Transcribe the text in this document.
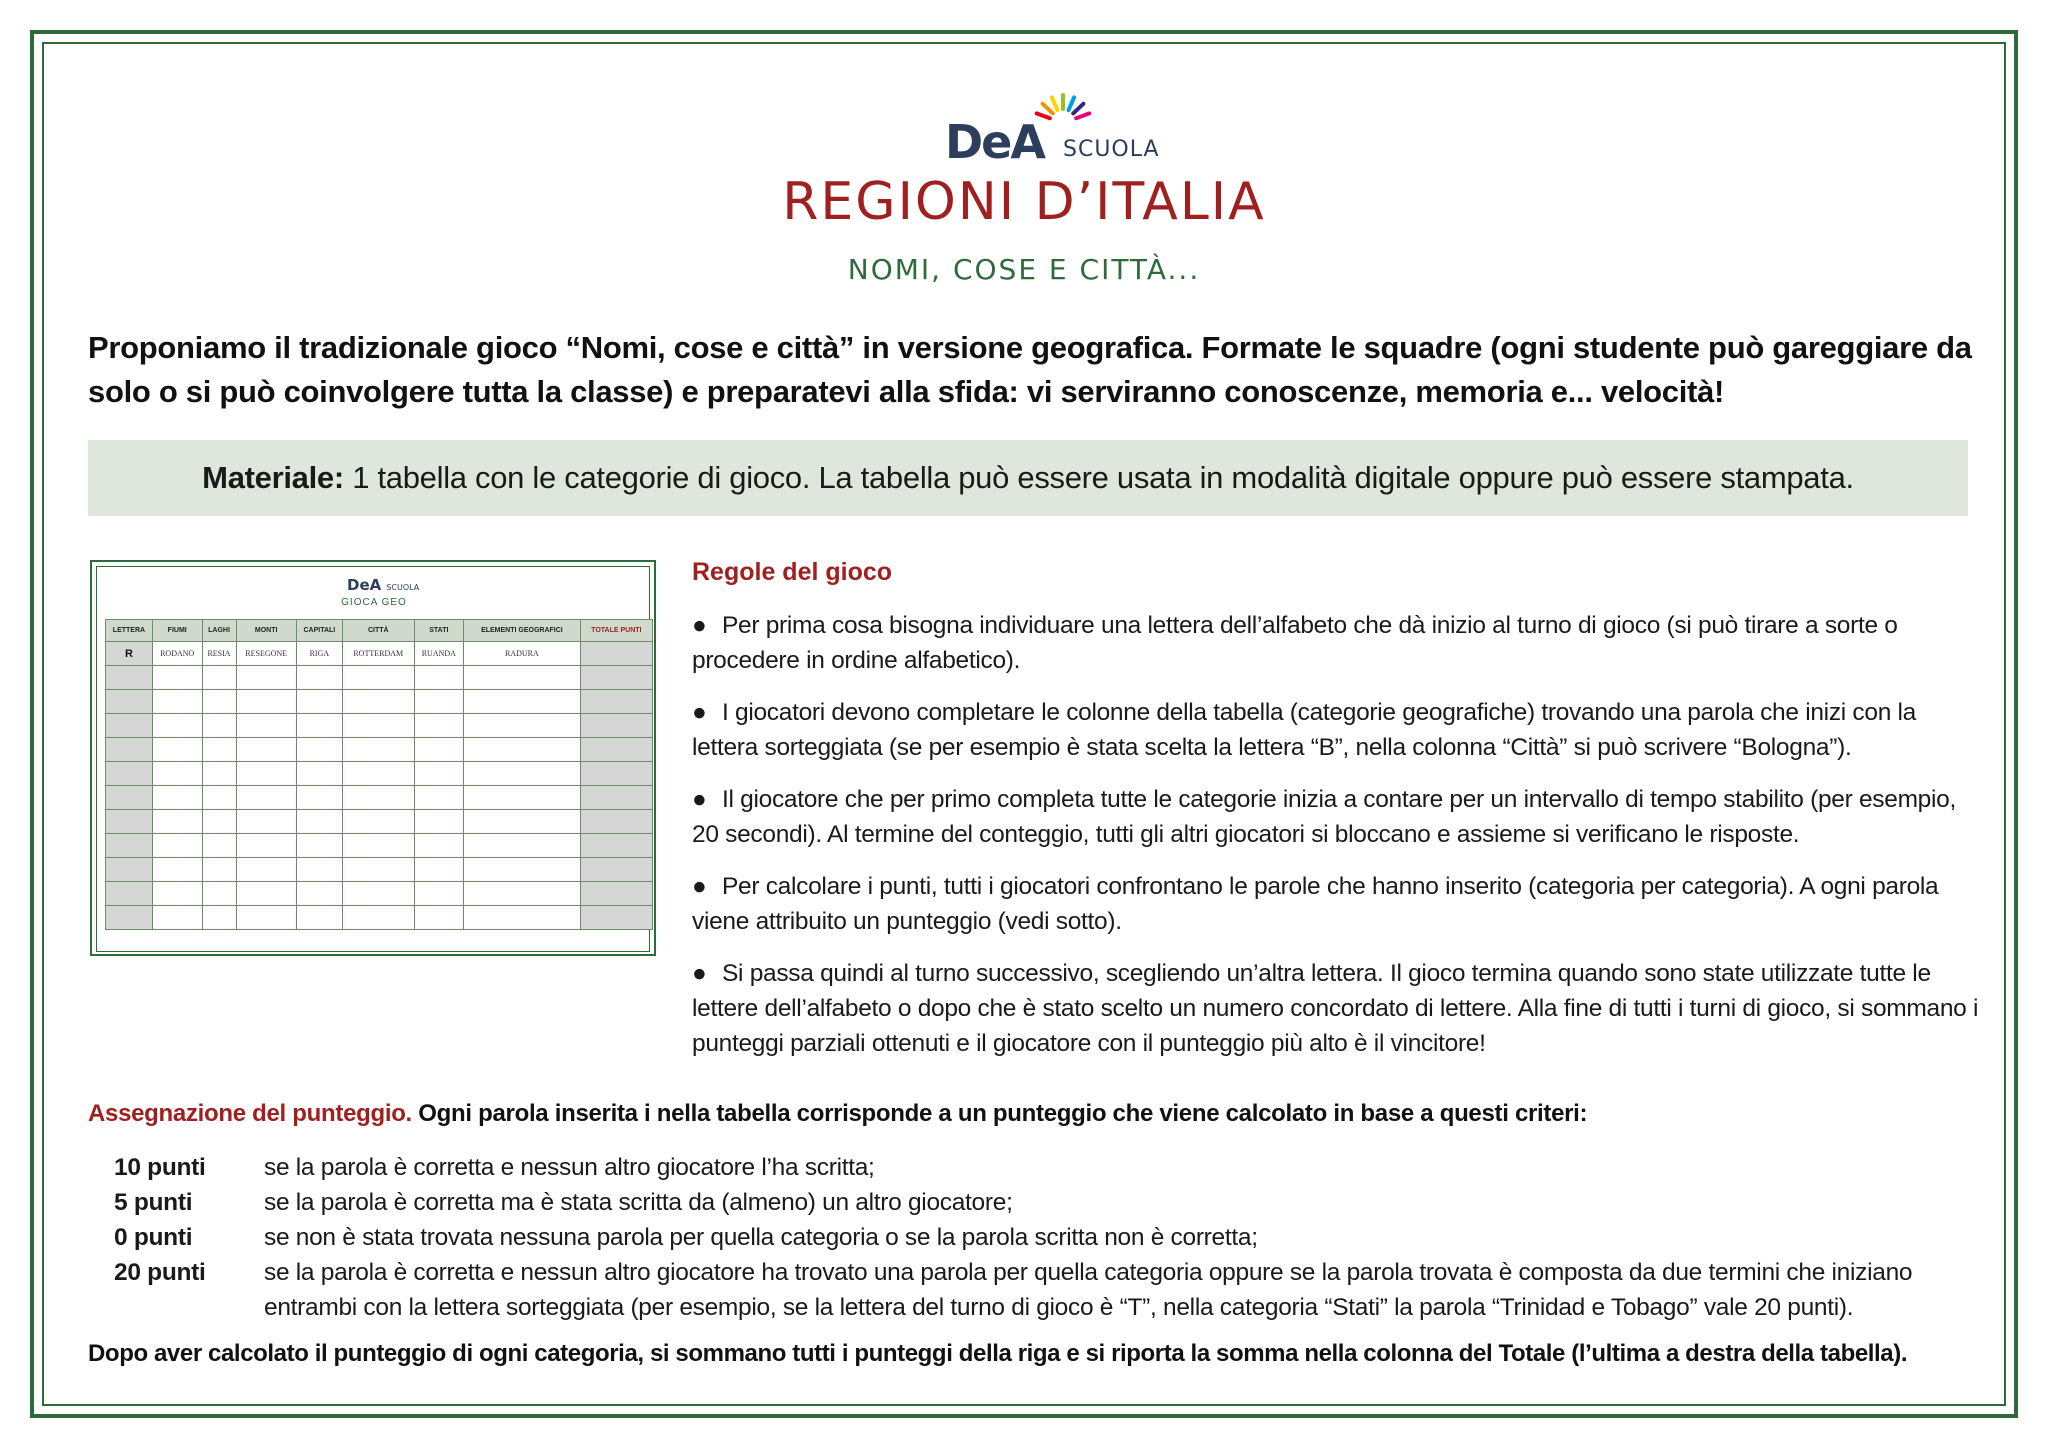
DeA SCUOLA
REGIONI D’ITALIA
NOMI, COSE E CITTÀ...

Proponiamo il tradizionale gioco “Nomi, cose e città” in versione geografica. Formate le squadre (ogni studente può gareggiare da solo o si può coinvolgere tutta la classe) e preparatevi alla sfida: vi serviranno conoscenze, memoria e... velocità!

Materiale: 1 tabella con le categorie di gioco. La tabella può essere usata in modalità digitale oppure può essere stampata.
DeA SCUOLA
GIOCA GEO
LETTERA	FIUMI	LAGHI	MONTI	CAPITALI	CITTÀ	STATI	ELEMENTI GEOGRAFICI	TOTALE PUNTI
R	RODANO	RESIA	RESEGONE	RIGA	ROTTERDAM	RUANDA	RADURA	

Regole del gioco

● Per prima cosa bisogna individuare una lettera dell’alfabeto che dà inizio al turno di gioco (si può tirare a sorte o procedere in ordine alfabetico).

● I giocatori devono completare le colonne della tabella (categorie geografiche) trovando una parola che inizi con la lettera sorteggiata (se per esempio è stata scelta la lettera “B”, nella colonna “Città” si può scrivere “Bologna”).

● Il giocatore che per primo completa tutte le categorie inizia a contare per un intervallo di tempo stabilito (per esempio, 20 secondi). Al termine del conteggio, tutti gli altri giocatori si bloccano e assieme si verificano le risposte.

● Per calcolare i punti, tutti i giocatori confrontano le parole che hanno inserito (categoria per categoria). A ogni parola viene attribuito un punteggio (vedi sotto).

● Si passa quindi al turno successivo, scegliendo un’altra lettera. Il gioco termina quando sono state utilizzate tutte le lettere dell’alfabeto o dopo che è stato scelto un numero concordato di lettere. Alla fine di tutti i turni di gioco, si sommano i punteggi parziali ottenuti e il giocatore con il punteggio più alto è il vincitore!

Assegnazione del punteggio. Ogni parola inserita i nella tabella corrisponde a un punteggio che viene calcolato in base a questi criteri:
10 punti	se la parola è corretta e nessun altro giocatore l’ha scritta;
5 punti	se la parola è corretta ma è stata scritta da (almeno) un altro giocatore;
0 punti	se non è stata trovata nessuna parola per quella categoria o se la parola scritta non è corretta;
20 punti	se la parola è corretta e nessun altro giocatore ha trovato una parola per quella categoria oppure se la parola trovata è composta da due termini che iniziano entrambi con la lettera sorteggiata (per esempio, se la lettera del turno di gioco è “T”, nella categoria “Stati” la parola “Trinidad e Tobago” vale 20 punti).

Dopo aver calcolato il punteggio di ogni categoria, si sommano tutti i punteggi della riga e si riporta la somma nella colonna del Totale (l’ultima a destra della tabella).
